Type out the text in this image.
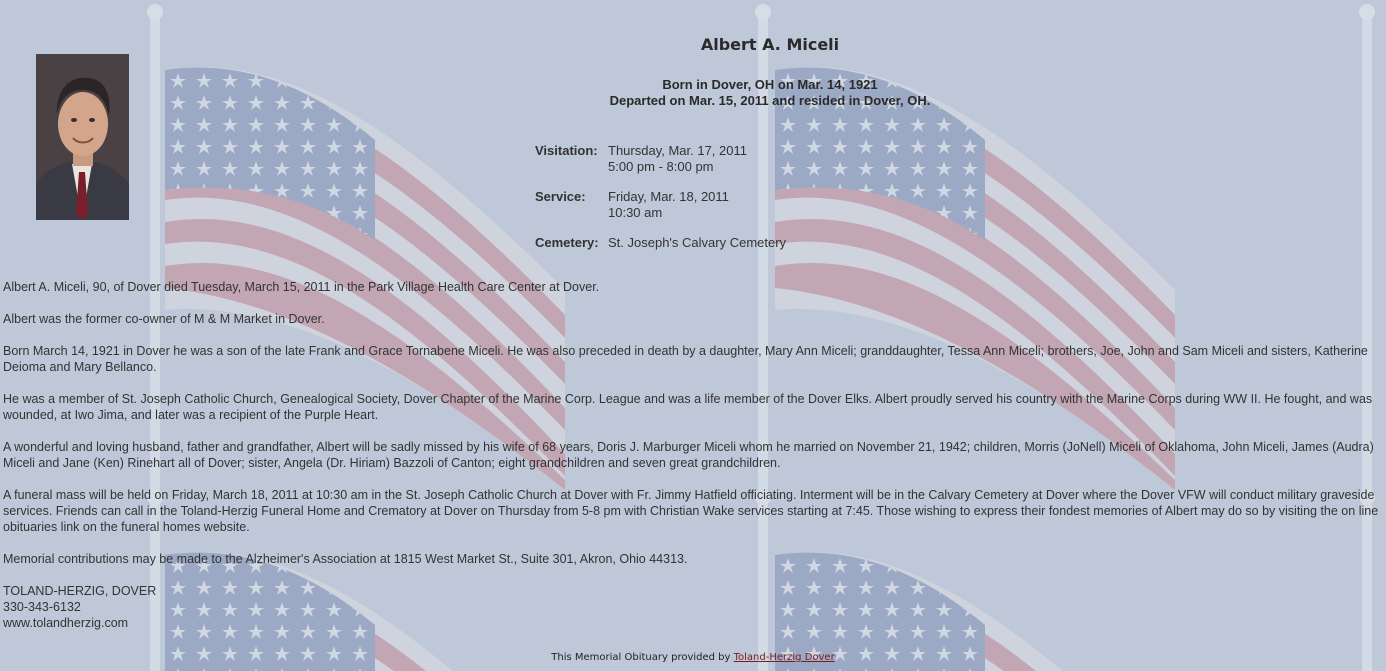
Albert A. Miceli
Born in Dover, OH on Mar. 14, 1921
Departed on Mar. 15, 2011 and resided in Dover, OH.
Visitation: Thursday, Mar. 17, 2011
5:00 pm - 8:00 pm
Service:	Friday, Mar. 18, 2011
10:30 am
Cemetery: St. Joseph's Calvary Cemetery

Albert A. Miceli, 90, of Dover died Tuesday, March 15, 2011 in the Park Village Health Care Center at Dover.

Albert was the former co-owner of M & M Market in Dover.

Born March 14, 1921 in Dover he was a son of the late Frank and Grace Tornabene Miceli. He was also preceded in death by a daughter, Mary Ann Miceli; granddaughter, Tessa Ann Miceli; brothers, Joe, John and Sam Miceli and sisters, Katherine Deioma and Mary Bellanco.

He was a member of St. Joseph Catholic Church, Genealogical Society, Dover Chapter of the Marine Corp. League and was a life member of the Dover Elks. Albert proudly served his country with the Marine Corps during WW II. He fought, and was wounded, at Iwo Jima, and later was a recipient of the Purple Heart.

A wonderful and loving husband, father and grandfather, Albert will be sadly missed by his wife of 68 years, Doris J. Marburger Miceli whom he married on November 21, 1942; children, Morris (JoNell) Miceli of Oklahoma, John Miceli, James (Audra) Miceli and Jane (Ken) Rinehart all of Dover; sister, Angela (Dr. Hiriam) Bazzoli of Canton; eight grandchildren and seven great grandchildren.

A funeral mass will be held on Friday, March 18, 2011 at 10:30 am in the St. Joseph Catholic Church at Dover with Fr. Jimmy Hatfield officiating. Interment will be in the Calvary Cemetery at Dover where the Dover VFW will conduct military graveside services. Friends can call in the Toland-Herzig Funeral Home and Crematory at Dover on Thursday from 5-8 pm with Christian Wake services starting at 7:45. Those wishing to express their fondest memories of Albert may do so by visiting the on line obituaries link on the funeral homes website.

Memorial contributions may be made to the Alzheimer's Association at 1815 West Market St., Suite 301, Akron, Ohio 44313.

TOLAND-HERZIG, DOVER
330-343-6132
www.tolandherzig.com

This Memorial Obituary provided by Toland-Herzig Dover
